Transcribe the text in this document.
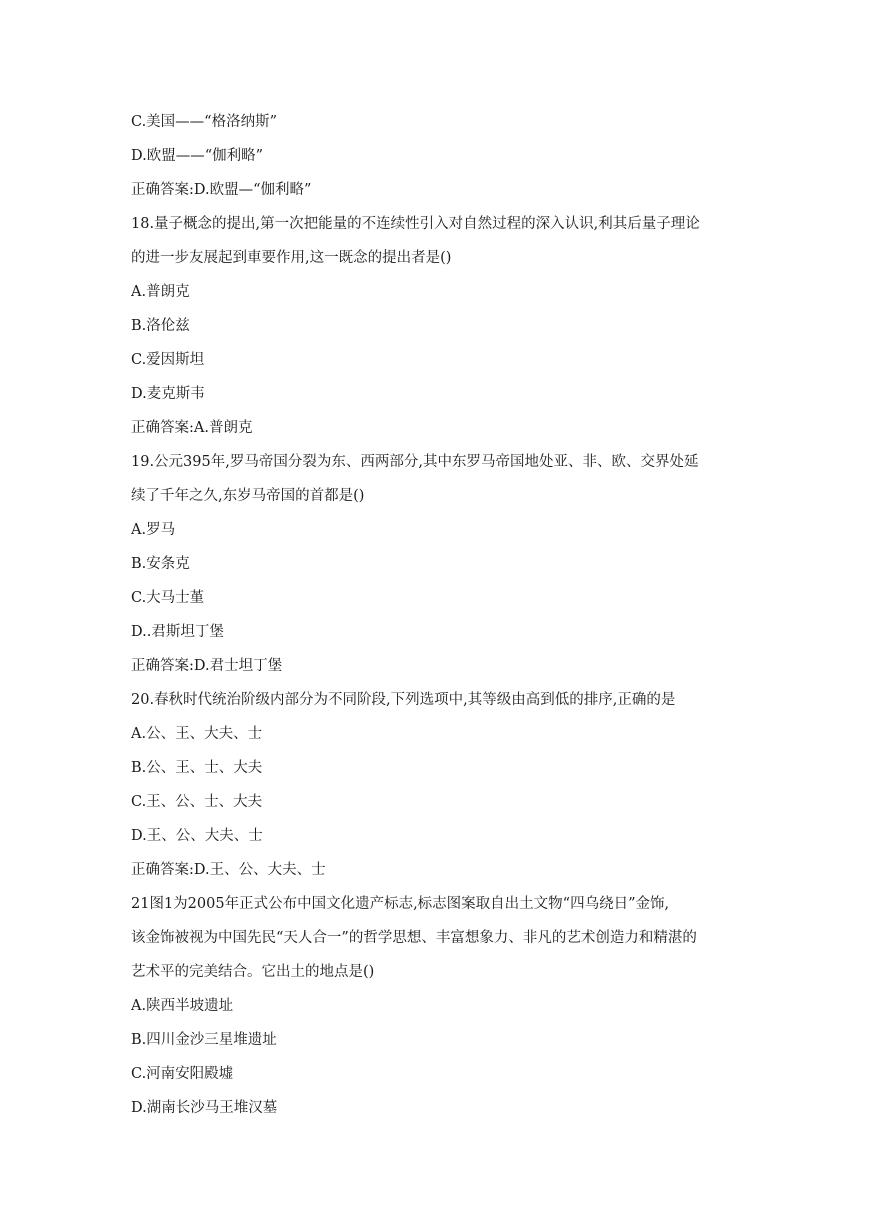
C.美国——“格洛纳斯”
D.欧盟——“伽利略”
正确答案:D.欧盟—“伽利略”
18.量子概念的提出,第一次把能量的不连续性引入对自然过程的深入认识,利其后量子理论
的进一步友展起到車要作用,这一既念的提出者是()
A.普朗克
B.洛伦兹
C.爱因斯坦
D.麦克斯韦
正确答案:A.普朗克
19.公元395年,罗马帝国分裂为东、西两部分,其中东罗马帝国地处亚、非、欧、交界处延
续了千年之久,东岁马帝国的首都是()
A.罗马
B.安条克
C.大马士堇
D..君斯坦丁堡
正确答案:D.君士坦丁堡
20.春秋时代统治阶级内部分为不同阶段,下列选项中,其等级由高到低的排序,正确的是
A.公、王、大夫、士
B.公、王、士、大夫
C.王、公、士、大夫
D.王、公、大夫、士
正确答案:D.王、公、大夫、士
21图1为2005年正式公布中国文化遗产标志,标志图案取自出土文物“四乌绕日”金饰,
该金饰被视为中国先民“天人合一”的哲学思想、丰富想象力、非凡的艺术创造力和精湛的
艺术平的完美结合。它出土的地点是()
A.陕西半坡遗址
B.四川金沙三星堆遗址
C.河南安阳殿墟
D.湖南长沙马王堆汉墓
